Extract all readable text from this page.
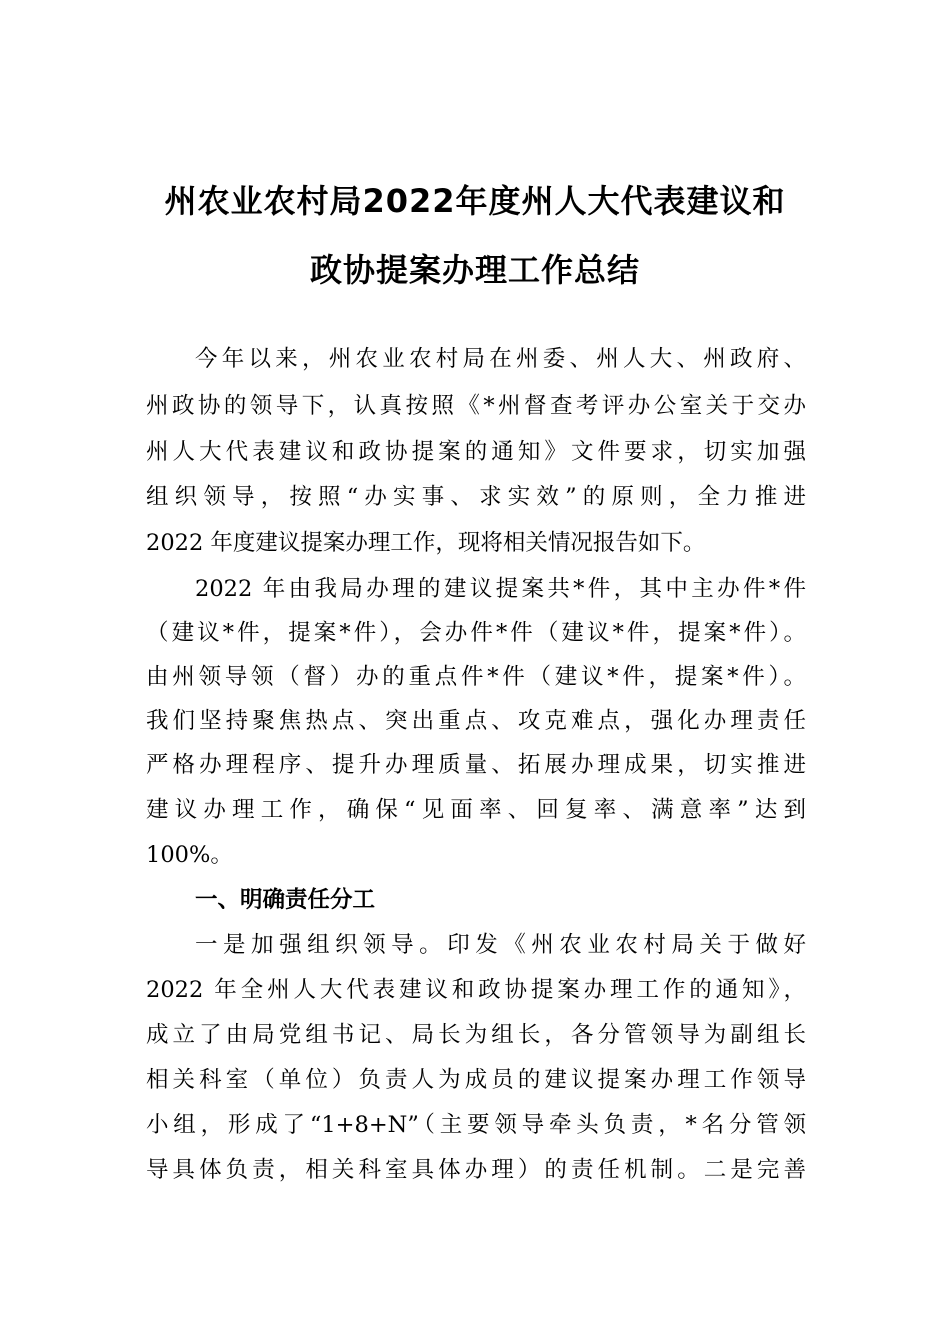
州农业农村局2022年度州人大代表建议和
政协提案办理工作总结
今年以来，州农业农村局在州委、州人大、州政府、
州政协的领导下，认真按照《*州督查考评办公室关于交办
州人大代表建议和政协提案的通知》文件要求，切实加强
组织领导，按照“办实事、求实效”的原则，全力推进
2022 年度建议提案办理工作，现将相关情况报告如下。
2022 年由我局办理的建议提案共*件，其中主办件*件
（建议*件，提案*件），会办件*件（建议*件，提案*件）。
由州领导领（督）办的重点件*件（建议*件，提案*件）。
我们坚持聚焦热点、突出重点、攻克难点，强化办理责任
严格办理程序、提升办理质量、拓展办理成果，切实推进
建议办理工作，确保“见面率、回复率、满意率”达到
100%。
一、明确责任分工
一是加强组织领导。印发《州农业农村局关于做好
2022 年全州人大代表建议和政协提案办理工作的通知》，
成立了由局党组书记、局长为组长，各分管领导为副组长
相关科室（单位）负责人为成员的建议提案办理工作领导
小组，形成了“1+8+N”（主要领导牵头负责，*名分管领
导具体负责，相关科室具体办理）的责任机制。二是完善
